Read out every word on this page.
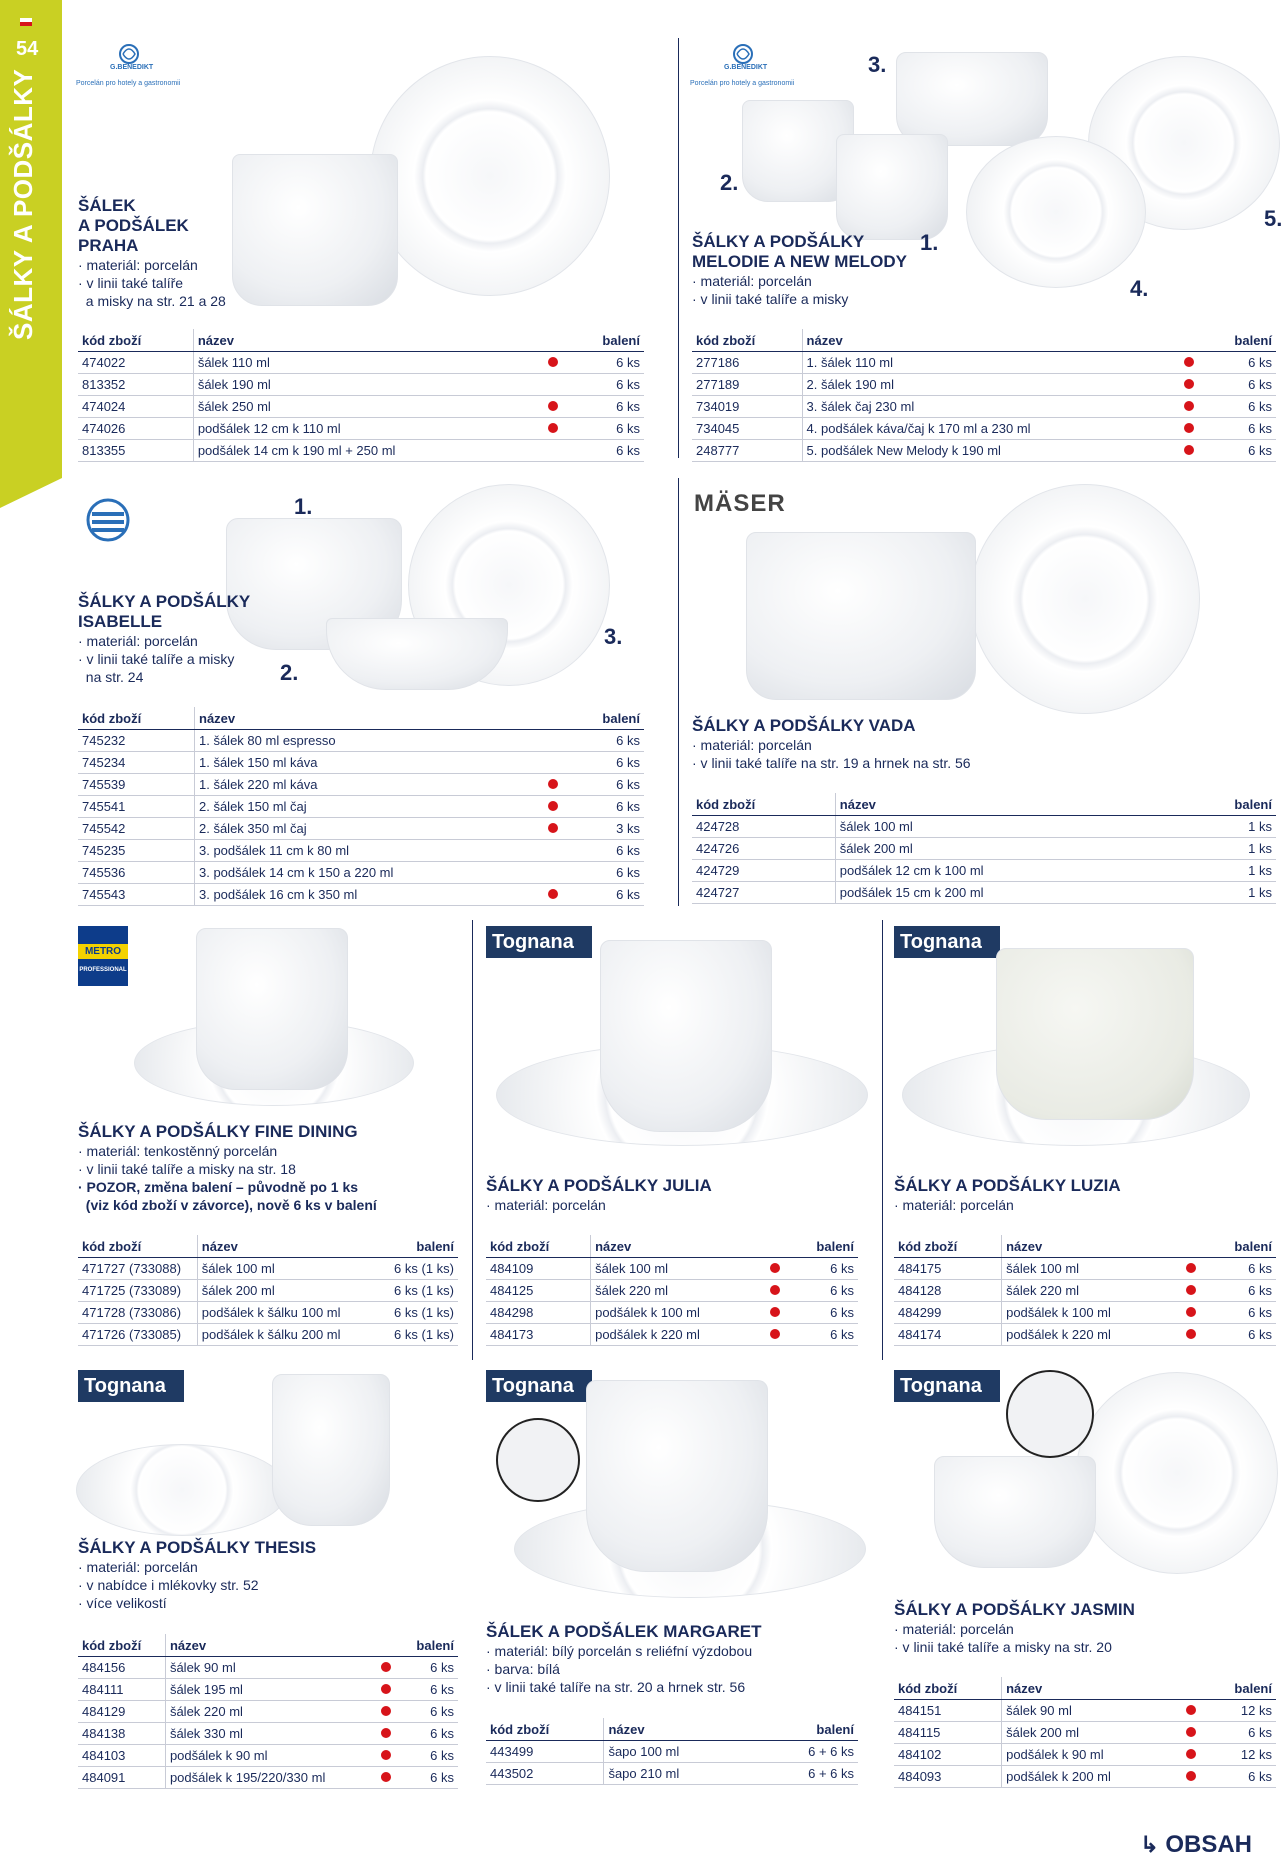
54
ŠÁLKY A PODŠÁLKY
G.BENEDIKT
Porcelán pro hotely a gastronomii
ŠÁLEK
A PODŠÁLEK
PRAHA
· materiál: porcelán
· v linii také talíře
a misky na str. 21 a 28
kód zboží	název		balení
474022	šálek 110 ml		6 ks
813352	šálek 190 ml		6 ks
474024	šálek 250 ml		6 ks
474026	podšálek 12 cm k 110 ml		6 ks
813355	podšálek 14 cm k 190 ml + 250 ml		6 ks
G.BENEDIKT
Porcelán pro hotely a gastronomii
3.
2.
1.
4.
5.
ŠÁLKY A PODŠÁLKY
MELODIE A NEW MELODY
· materiál: porcelán
· v linii také talíře a misky
kód zboží	název		balení
277186	1. šálek 110 ml		6 ks
277189	2. šálek 190 ml		6 ks
734019	3. šálek čaj 230 ml		6 ks
734045	4. podšálek káva/čaj k 170 ml a 230 ml		6 ks
248777	5. podšálek New Melody k 190 ml		6 ks
1.
2.
3.
ŠÁLKY A PODŠÁLKY
ISABELLE
· materiál: porcelán
· v linii také talíře a misky
na str. 24
kód zboží	název		balení
745232	1. šálek 80 ml espresso		6 ks
745234	1. šálek 150 ml káva		6 ks
745539	1. šálek 220 ml káva		6 ks
745541	2. šálek 150 ml čaj		6 ks
745542	2. šálek 350 ml čaj		3 ks
745235	3. podšálek 11 cm k 80 ml		6 ks
745536	3. podšálek 14 cm k 150 a 220 ml		6 ks
745543	3. podšálek 16 cm k 350 ml		6 ks
MÄSER
ŠÁLKY A PODŠÁLKY VADA
· materiál: porcelán
· v linii také talíře na str. 19 a hrnek na str. 56
kód zboží	název		balení
424728	šálek 100 ml		1 ks
424726	šálek 200 ml		1 ks
424729	podšálek 12 cm k 100 ml		1 ks
424727	podšálek 15 cm k 200 ml		1 ks
METRO
PROFESSIONAL
ŠÁLKY A PODŠÁLKY FINE DINING
· materiál: tenkostěnný porcelán
· v linii také talíře a misky na str. 18
· POZOR, změna balení – původně po 1 ks
(viz kód zboží v závorce), nově 6 ks v balení
kód zboží	název		balení
471727 (733088)	šálek 100 ml		6 ks (1 ks)
471725 (733089)	šálek 200 ml		6 ks (1 ks)
471728 (733086)	podšálek k šálku 100 ml		6 ks (1 ks)
471726 (733085)	podšálek k šálku 200 ml		6 ks (1 ks)
Tognana
ŠÁLKY A PODŠÁLKY JULIA
· materiál: porcelán
kód zboží	název		balení
484109	šálek 100 ml		6 ks
484125	šálek 220 ml		6 ks
484298	podšálek k 100 ml		6 ks
484173	podšálek k 220 ml		6 ks
Tognana
ŠÁLKY A PODŠÁLKY LUZIA
· materiál: porcelán
kód zboží	název		balení
484175	šálek 100 ml		6 ks
484128	šálek 220 ml		6 ks
484299	podšálek k 100 ml		6 ks
484174	podšálek k 220 ml		6 ks
Tognana
ŠÁLKY A PODŠÁLKY THESIS
· materiál: porcelán
· v nabídce i mlékovky str. 52
· více velikostí
kód zboží	název		balení
484156	šálek 90 ml		6 ks
484111	šálek 195 ml		6 ks
484129	šálek 220 ml		6 ks
484138	šálek 330 ml		6 ks
484103	podšálek k 90 ml		6 ks
484091	podšálek k 195/220/330 ml		6 ks
Tognana
ŠÁLEK A PODŠÁLEK MARGARET
· materiál: bílý porcelán s reliéfní výzdobou
· barva: bílá
· v linii také talíře na str. 20 a hrnek str. 56
kód zboží	název		balení
443499	šapo 100 ml		6 + 6 ks
443502	šapo 210 ml		6 + 6 ks
Tognana
ŠÁLKY A PODŠÁLKY JASMIN
· materiál: porcelán
· v linii také talíře a misky na str. 20
kód zboží	název		balení
484151	šálek 90 ml		12 ks
484115	šálek 200 ml		6 ks
484102	podšálek k 90 ml		12 ks
484093	podšálek k 200 ml		6 ks
↳ OBSAH
